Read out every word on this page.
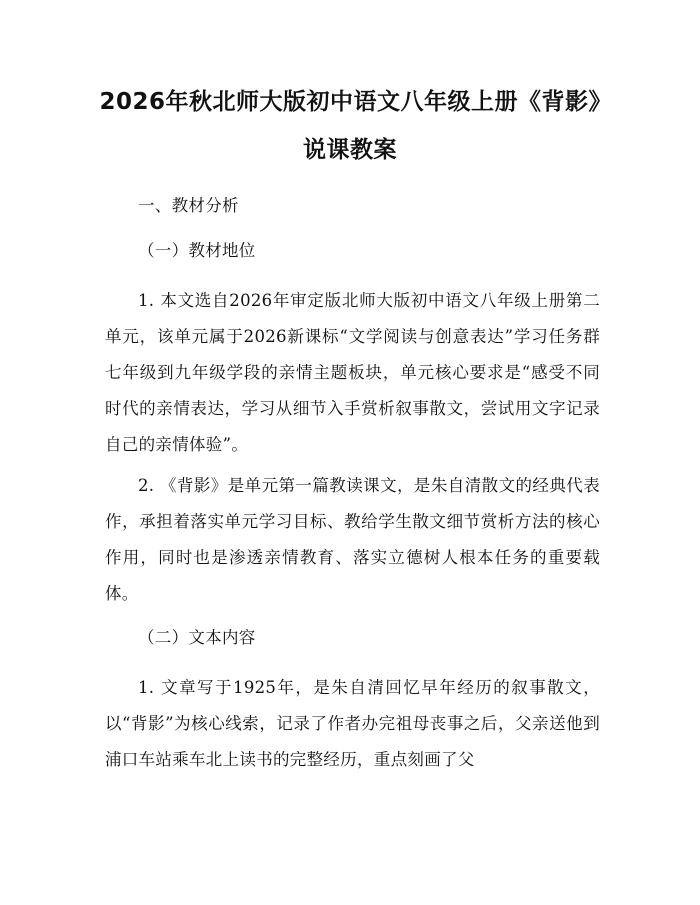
2026年秋北师大版初中语文八年级上册《背影》说课教案

一、教材分析

（一）教材地位

1. 本文选自2026年审定版北师大版初中语文八年级上册第二单元，该单元属于2026新课标“文学阅读与创意表达”学习任务群七年级到九年级学段的亲情主题板块，单元核心要求是“感受不同时代的亲情表达，学习从细节入手赏析叙事散文，尝试用文字记录自己的亲情体验”。

2. 《背影》是单元第一篇教读课文，是朱自清散文的经典代表作，承担着落实单元学习目标、教给学生散文细节赏析方法的核心作用，同时也是渗透亲情教育、落实立德树人根本任务的重要载体。

（二）文本内容

1. 文章写于1925年，是朱自清回忆早年经历的叙事散文，以“背影”为核心线索，记录了作者办完祖母丧事之后，父亲送他到浦口车站乘车北上读书的完整经历，重点刻画了父
